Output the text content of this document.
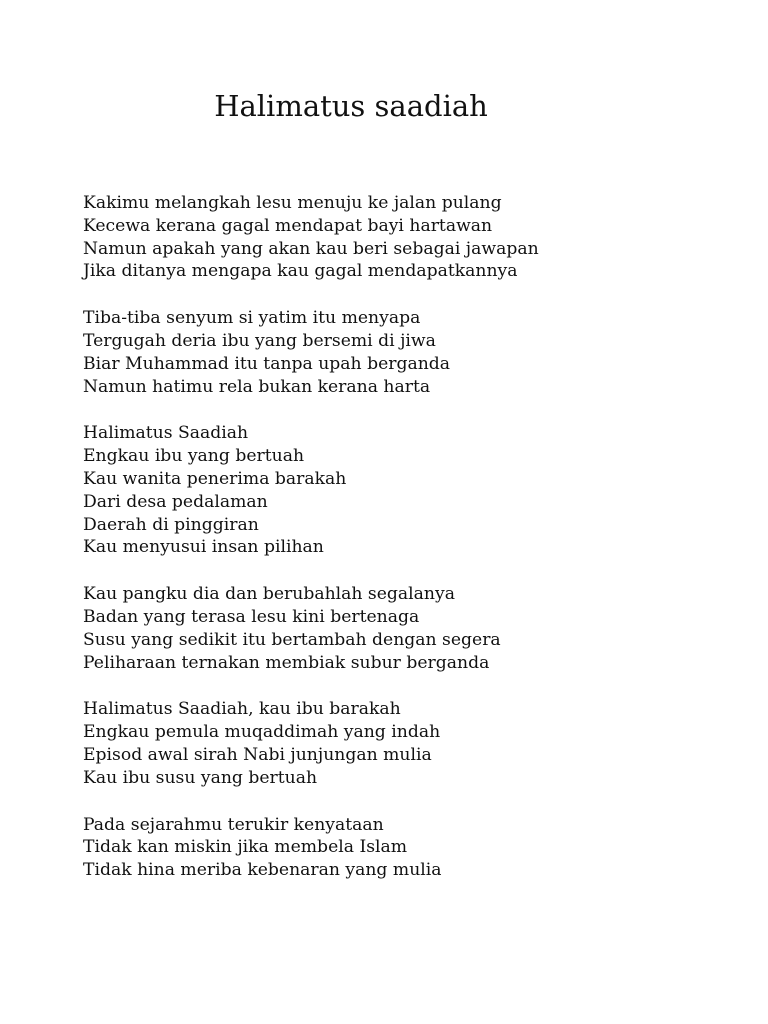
Halimatus saadiah
Kakimu melangkah lesu menuju ke jalan pulang
Kecewa kerana gagal mendapat bayi hartawan
Namun apakah yang akan kau beri sebagai jawapan
Jika ditanya mengapa kau gagal mendapatkannya
Tiba-tiba senyum si yatim itu menyapa
Tergugah deria ibu yang bersemi di jiwa
Biar Muhammad itu tanpa upah berganda
Namun hatimu rela bukan kerana harta
Halimatus Saadiah
Engkau ibu yang bertuah
Kau wanita penerima barakah
Dari desa pedalaman
Daerah di pinggiran
Kau menyusui insan pilihan
Kau pangku dia dan berubahlah segalanya
Badan yang terasa lesu kini bertenaga
Susu yang sedikit itu bertambah dengan segera
Peliharaan ternakan membiak subur berganda
Halimatus Saadiah, kau ibu barakah
Engkau pemula muqaddimah yang indah
Episod awal sirah Nabi junjungan mulia
Kau ibu susu yang bertuah
Pada sejarahmu terukir kenyataan
Tidak kan miskin jika membela Islam
Tidak hina meriba kebenaran yang mulia
